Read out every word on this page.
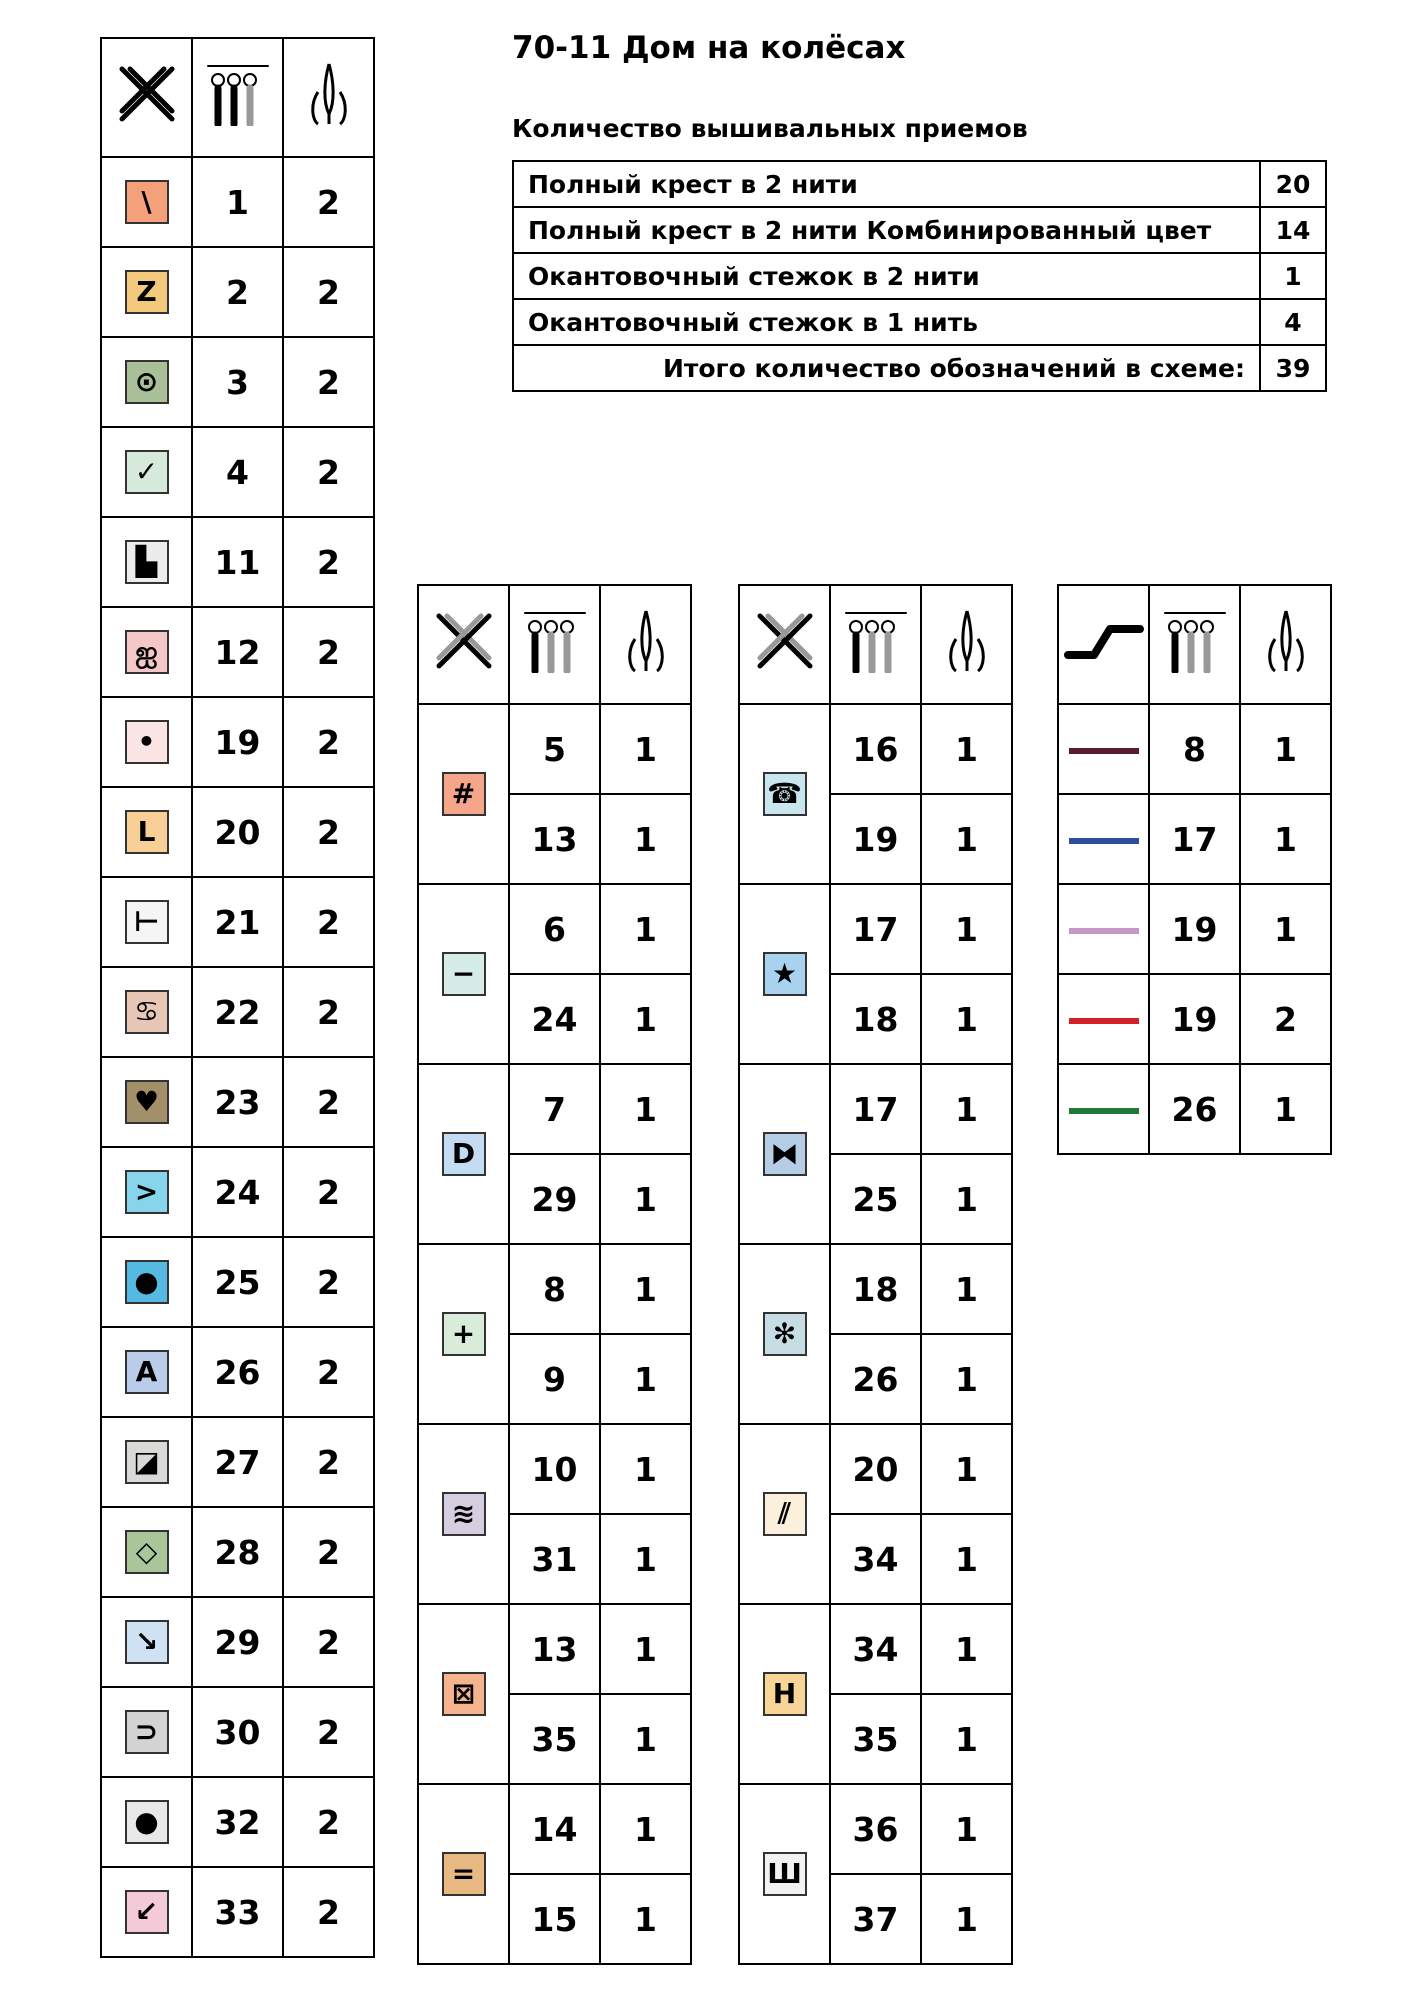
70-11 Дом на колёсах
Количество вышивальных приемов
Полный крест в 2 нити	20
Полный крест в 2 нити Комбинированный цвет	14
Окантовочный стежок в 2 нити	1
Окантовочный стежок в 1 нить	4
Итого количество обозначений в схеме:	39

\	1	2
Z	2	2
⊙	3	2
✓	4	2
▙	11	2
ஐ	12	2
•	19	2
L	20	2
⊢	21	2
♋	22	2
♥	23	2
>	24	2
●	25	2
A	26	2
◪	27	2
◇	28	2
↘	29	2
⊃	30	2
●	32	2
↙	33	2

#	5	1
	13	1
−	6	1
	24	1
D	7	1
	29	1
+	8	1
	9	1
≋	10	1
	31	1
⊠	13	1
	35	1
=	14	1
	15	1

☎	16	1
	19	1
★	17	1
	18	1
⧓	17	1
	25	1
✻	18	1
	26	1
⫽	20	1
	34	1
H	34	1
	35	1
Ш	36	1
	37	1

	8	1
	17	1
	19	1
	19	2
	26	1
